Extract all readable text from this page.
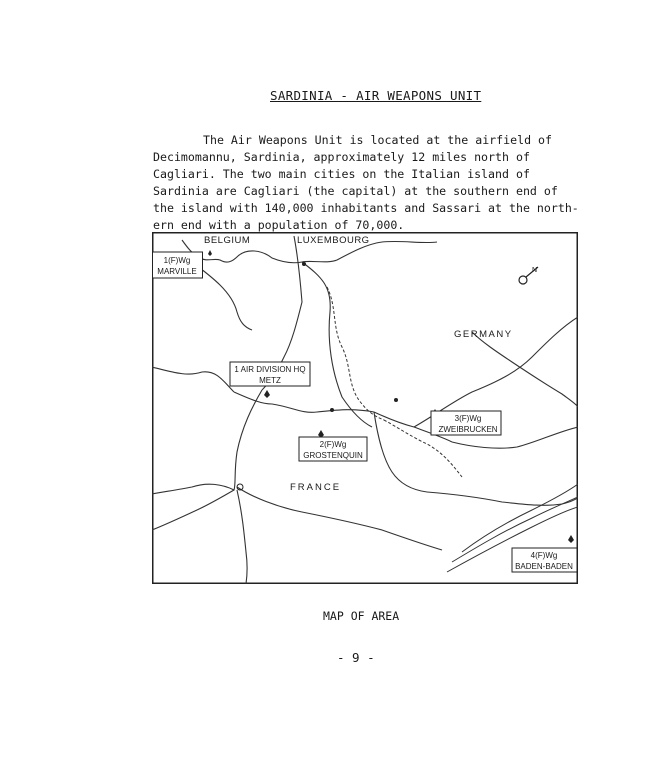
SARDINIA - AIR WEAPONS UNIT
The Air Weapons Unit is located at the airfield of
Decimomannu, Sardinia, approximately 12 miles north of
Cagliari. The two main cities on the Italian island of
Sardinia are Cagliari (the capital) at the southern end of
the island with 140,000 inhabitants and Sassari at the north-
ern end with a population of 70,000.
N
BELGIUM	LUXEMBOURG
GERMANY
FRANCE
1(F)Wg
MARVILLE
1 AIR DIVISION HQ
METZ
2(F)Wg
GROSTENQUIN
3(F)Wg
ZWEIBRUCKEN
4(F)Wg
BADEN-BADEN
MAP OF AREA
- 9 -
